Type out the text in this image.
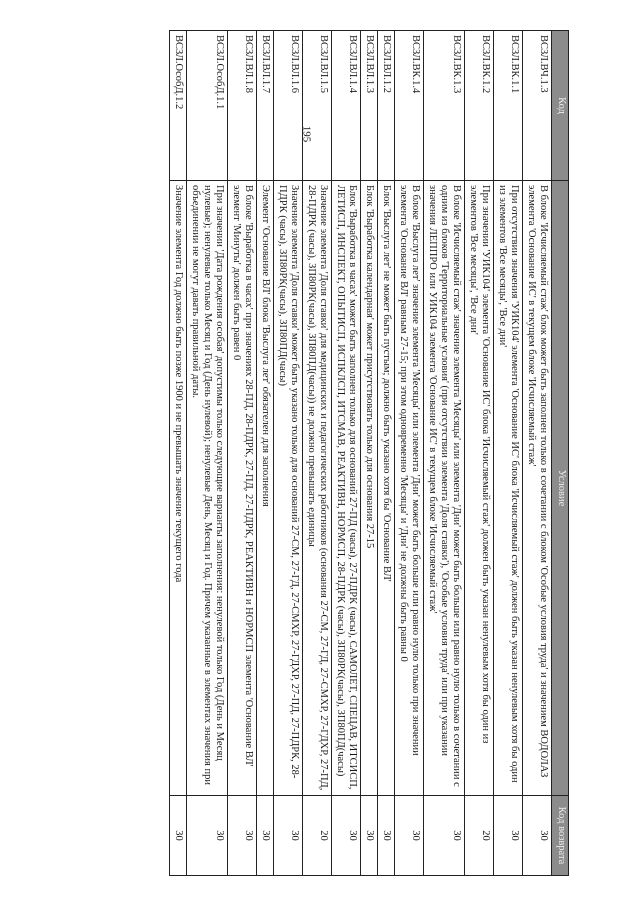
195
Код	Условие	Код возврата
ВСЗЛ.ВЧ.1.3	В блоке 'Исчисляемый стаж' блок может быть заполнен только в сочетании с блоком 'Особые условия труда' и значением ВОДОЛАЗ элемента 'Основание ИС' в текущем блоке 'Исчисляемый стаж'	30
ВСЗЛ.ВК.1.1	При отсутствии значения 'УИК104' элемента 'Основание ИС' блока 'Исчисляемый стаж' должен быть указан ненулевым хотя бы один из элементов 'Все месяцы', 'Все дни'	30
ВСЗЛ.ВК.1.2	При значении 'УИК104' элемента 'Основание ИС' блока 'Исчисляемый стаж' должен быть указан ненулевым хотя бы один из элементов 'Все месяцы', 'Все дни'	20
ВСЗЛ.ВК.1.3	В блоке 'Исчисляемый стаж' значение элемента 'Месяцы' или элемента 'Дни' может быть больше или равно нулю только в сочетании с одним из блоков 'Территориальные условия' (при отсутствии элемента 'Доля ставки'), 'Особые условия труда' или при указании значения ЛЕППРО или УИК104 элемента 'Основание ИС' в текущем блоке 'Исчисляемый стаж'	30
ВСЗЛ.ВК.1.4	В блоке 'Выслуга лет' значение элемента 'Месяцы' или элемента 'Дни' может быть больше или равно нулю только при значении элемента 'Основание ВЛ' равным 27-15; при этом одновременно 'Месяцы' и 'Дни' не должны быть равны 0	30
ВСЗЛ.ВЛ.1.2	Блок 'Выслуга лет' не может быть пустым; должно быть указано хотя бы 'Основание ВЛ'	30
ВСЗЛ.ВЛ.1.3	Блок 'Выработка календарная' может присутствовать только для основания 27-15	30
ВСЗЛ.ВЛ.1.4	Блок 'Выработка в часах' может быть заполнен только для оснований 27-ПД (часы), 27-ПДРК (часы), САМОЛЕТ, СПЕЦАВ, ИТСИСП, ЛЕТИСП, ИНСПЕКТ, ОПЫТИСП, ИСПКЛСП, ИТСМАВ, РЕАКТИВН, НОРМСП, 28-ПДРК (часы), ЗП80РК(часы), ЗП80ПД(часы)	30
ВСЗЛ.ВЛ.1.5	Значение элемента 'Доля ставки' для медицинских и педагогических работников (основания 27-СМ, 27-ГД, 27-СМХР, 27-ГДХР, 27-ПД, 28-ПДРК (часы), ЗП80РК(часы), ЗП80ПД(часы)) не должно превышать единицы	20
ВСЗЛ.ВЛ.1.6	Значение элемента 'Доля ставки' может быть указано только для оснований 27-СМ, 27-ГД, 27-СМХР, 27-ГДХР, 27-ПД, 27-ПДРК, 28-ПДРК (часы), ЗП80РК(часы), ЗП80ПД(часы)	30
ВСЗЛ.ВЛ.1.7	Элемент 'Основание ВЛ' блока 'Выслуга лет' обязателен для заполнения	30
ВСЗЛ.ВЛ.1.8	В блоке 'Выработка в часах' при значениях 28-ПД, 28-ПДРК, 27-ПД, 27-ПДРК, РЕАКТИВН и НОРМСП элемента 'Основание ВЛ' элемент 'Минуты' должен быть равен 0	30
ВСЗЛ.ОсобД.1.1	При значении 'Дата рождения особая' допустимы только следующие варианты заполнения: ненулевой только Год (День и Месяц нулевые); ненулевые только Месяц и Год (День нулевой); ненулевые День, Месяц и Год. Причем указанные в элементах значения при объединении не могут давать правильной даты.	30
ВСЗЛ.ОсобД.1.2	Значение элемента Год должно быть позже 1900 и не превышать значение текущего года	30
